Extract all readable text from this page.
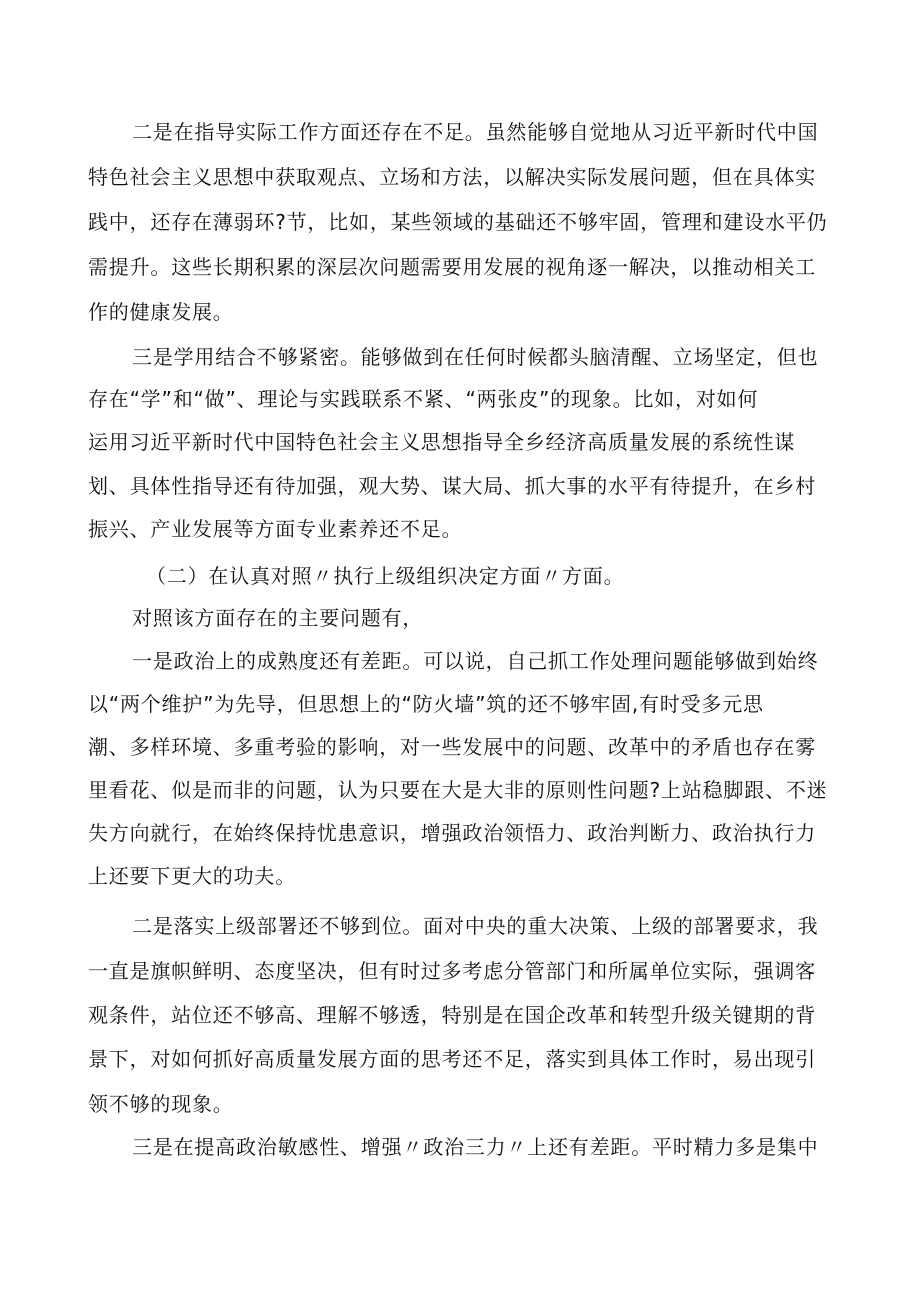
二是在指导实际工作方面还存在不足。虽然能够自觉地从习近平新时代中国
特色社会主义思想中获取观点、立场和方法，以解决实际发展问题，但在具体实
践中，还存在薄弱环?节，比如，某些领域的基础还不够牢固，管理和建设水平仍
需提升。这些长期积累的深层次问题需要用发展的视角逐一解决，以推动相关工
作的健康发展。
三是学用结合不够紧密。能够做到在任何时候都头脑清醒、立场坚定，但也
存在“学”和“做”、理论与实践联系不紧、“两张皮”的现象。比如，对如何
运用习近平新时代中国特色社会主义思想指导全乡经济高质量发展的系统性谋
划、具体性指导还有待加强，观大势、谋大局、抓大事的水平有待提升，在乡村
振兴、产业发展等方面专业素养还不足。
（二）在认真对照〃执行上级组织决定方面〃方面。
对照该方面存在的主要问题有，
一是政治上的成熟度还有差距。可以说，自己抓工作处理问题能够做到始终
以“两个维护”为先导，但思想上的“防火墙”筑的还不够牢固,有时受多元思
潮、多样环境、多重考验的影响，对一些发展中的问题、改革中的矛盾也存在雾
里看花、似是而非的问题，认为只要在大是大非的原则性问题?上站稳脚跟、不迷
失方向就行，在始终保持忧患意识，增强政治领悟力、政治判断力、政治执行力
上还要下更大的功夫。
二是落实上级部署还不够到位。面对中央的重大决策、上级的部署要求，我
一直是旗帜鲜明、态度坚决，但有时过多考虑分管部门和所属单位实际，强调客
观条件，站位还不够高、理解不够透，特别是在国企改革和转型升级关键期的背
景下，对如何抓好高质量发展方面的思考还不足，落实到具体工作时，易出现引
领不够的现象。
三是在提高政治敏感性、增强〃政治三力〃上还有差距。平时精力多是集中
